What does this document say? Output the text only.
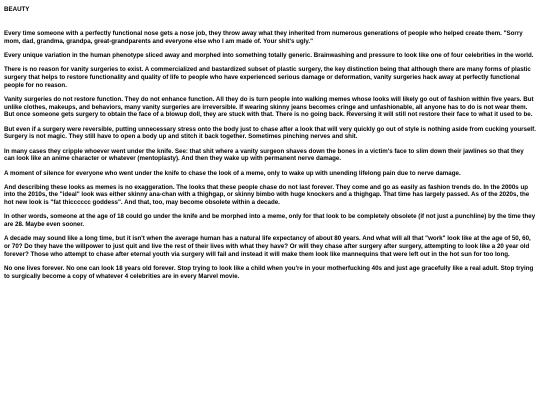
BEAUTY

Every time someone with a perfectly functional nose gets a nose job, they throw away what they inherited from numerous generations of people who helped create them. "Sorry mom, dad, grandma, grandpa, great-grandparents and everyone else who I am made of. Your shit's ugly."

Every unique variation in the human phenotype sliced away and morphed into something totally generic. Brainwashing and pressure to look like one of four celebrities in the world.

There is no reason for vanity surgeries to exist. A commercialized and bastardized subset of plastic surgery, the key distinction being that although there are many forms of plastic surgery that helps to restore functionality and quality of life to people who have experienced serious damage or deformation, vanity surgeries hack away at perfectly functional people for no reason.

Vanity surgeries do not restore function. They do not enhance function. All they do is turn people into walking memes whose looks will likely go out of fashion within five years. But unlike clothes, makeups, and behaviors, many vanity surgeries are irreversible. If wearing skinny jeans becomes cringe and unfashionable, all anyone has to do is not wear them. But once someone gets surgery to obtain the face of a blowup doll, they are stuck with that. There is no going back. Reversing it will still not restore their face to what it used to be.

But even if a surgery were reversible, putting unnecessary stress onto the body just to chase after a look that will very quickly go out of style is nothing aside from cucking yourself. Surgery is not magic. They still have to open a body up and stitch it back together. Sometimes pinching nerves and shit.

In many cases they cripple whoever went under the knife. See: that shit where a vanity surgeon shaves down the bones in a victim's face to slim down their jawlines so that they can look like an anime character or whatever (mentoplasty). And then they wake up with permanent nerve damage.

A moment of silence for everyone who went under the knife to chase the look of a meme, only to wake up with unending lifelong pain due to nerve damage.

And describing these looks as memes is no exaggeration. The looks that these people chase do not last forever. They come and go as easily as fashion trends do. In the 2000s up into the 2010s, the "ideal" look was either skinny ana-chan with a thighgap, or skinny bimbo with huge knockers and a thighgap. That time has largely passed. As of the 2020s, the hot new look is "fat thicccccc goddess". And that, too, may become obsolete within a decade.

In other words, someone at the age of 18 could go under the knife and be morphed into a meme, only for that look to be completely obsolete (if not just a punchline) by the time they are 28. Maybe even sooner.

A decade may sound like a long time, but it isn't when the average human has a natural life expectancy of about 80 years. And what will all that "work" look like at the age of 50, 60, or 70? Do they have the willpower to just quit and live the rest of their lives with what they have? Or will they chase after surgery after surgery, attempting to look like a 20 year old forever? Those who attempt to chase after eternal youth via surgery will fail and instead it will make them look like mannequins that were left out in the hot sun for too long.

No one lives forever. No one can look 18 years old forever. Stop trying to look like a child when you're in your motherfucking 40s and just age gracefully like a real adult. Stop trying to surgically become a copy of whatever 4 celebrities are in every Marvel movie.
